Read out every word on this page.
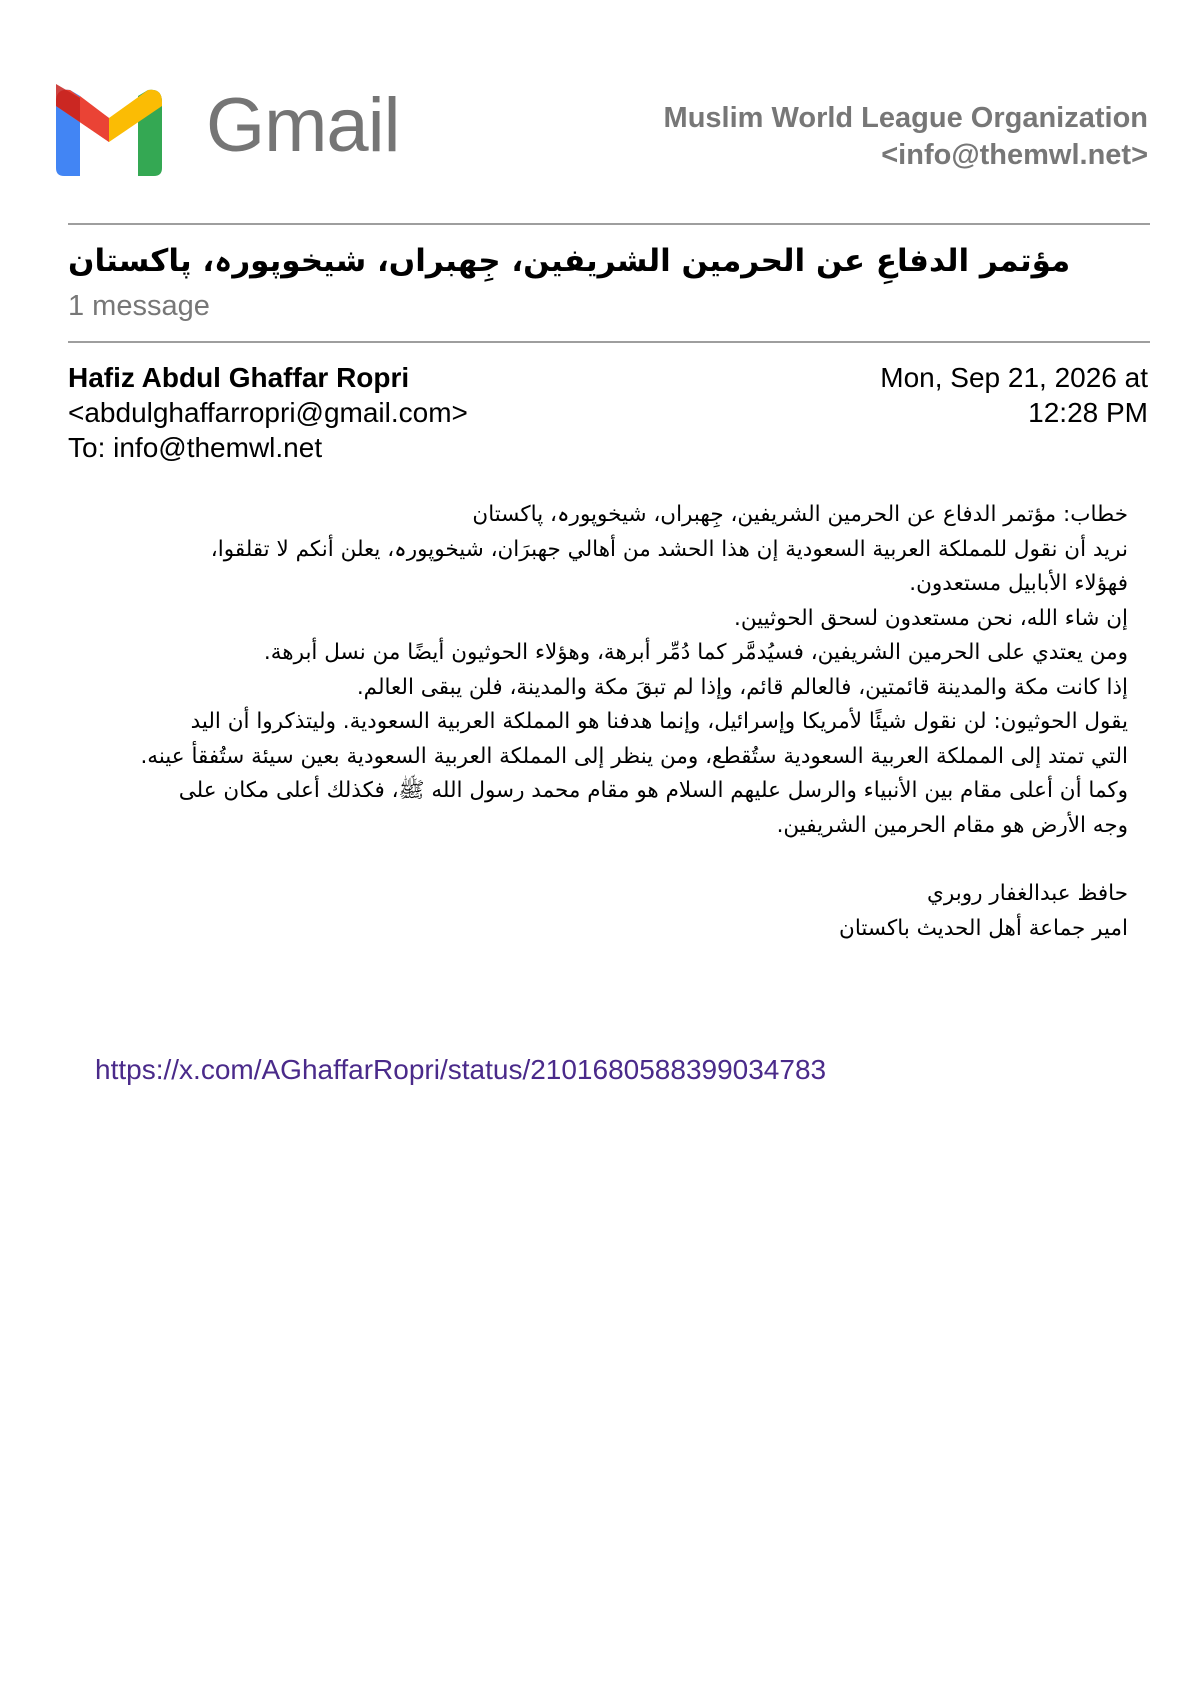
Gmail	Muslim World League Organization
<info@themwl.net>
مؤتمر الدفاعِ عن الحرمين الشريفين، جِهبراں، شیخوپورہ، پاکستان
1 message
Hafiz Abdul Ghaffar Ropri
<abdulghaffarropri@gmail.com>
To: info@themwl.net
Mon, Sep 21, 2026 at
12:28 PM

خطاب: مؤتمر الدفاع عن الحرمين الشريفين، جِهبراں، شیخوپورہ، پاکستان

نريد أن نقول للمملكة العربية السعودية إن هذا الحشد من أهالي جهبرَان، شیخوپورہ، يعلن أنكم لا تقلقوا،

فهؤلاء الأبابيل مستعدون.

إن شاء الله، نحن مستعدون لسحق الحوثيين.

ومن يعتدي على الحرمين الشريفين، فسيُدمَّر كما دُمِّر أبرهة، وهؤلاء الحوثيون أيضًا من نسل أبرهة.

إذا كانت مكة والمدينة قائمتين، فالعالم قائم، وإذا لم تبقَ مكة والمدينة، فلن يبقى العالم.

يقول الحوثيون: لن نقول شيئًا لأمريكا وإسرائيل، وإنما هدفنا هو المملكة العربية السعودية. وليتذكروا أن اليد

التي تمتد إلى المملكة العربية السعودية ستُقطع، ومن ينظر إلى المملكة العربية السعودية بعين سيئة ستُفقأ عينه.

وكما أن أعلى مقام بين الأنبياء والرسل عليهم السلام هو مقام محمد رسول الله ﷺ، فكذلك أعلى مكان على

وجه الأرض هو مقام الحرمين الشريفين.

حافظ عبدالغفار روبري

امير جماعة أهل الحديث باكستان

https://x.com/AGhaffarRopri/status/2101680588399034783
